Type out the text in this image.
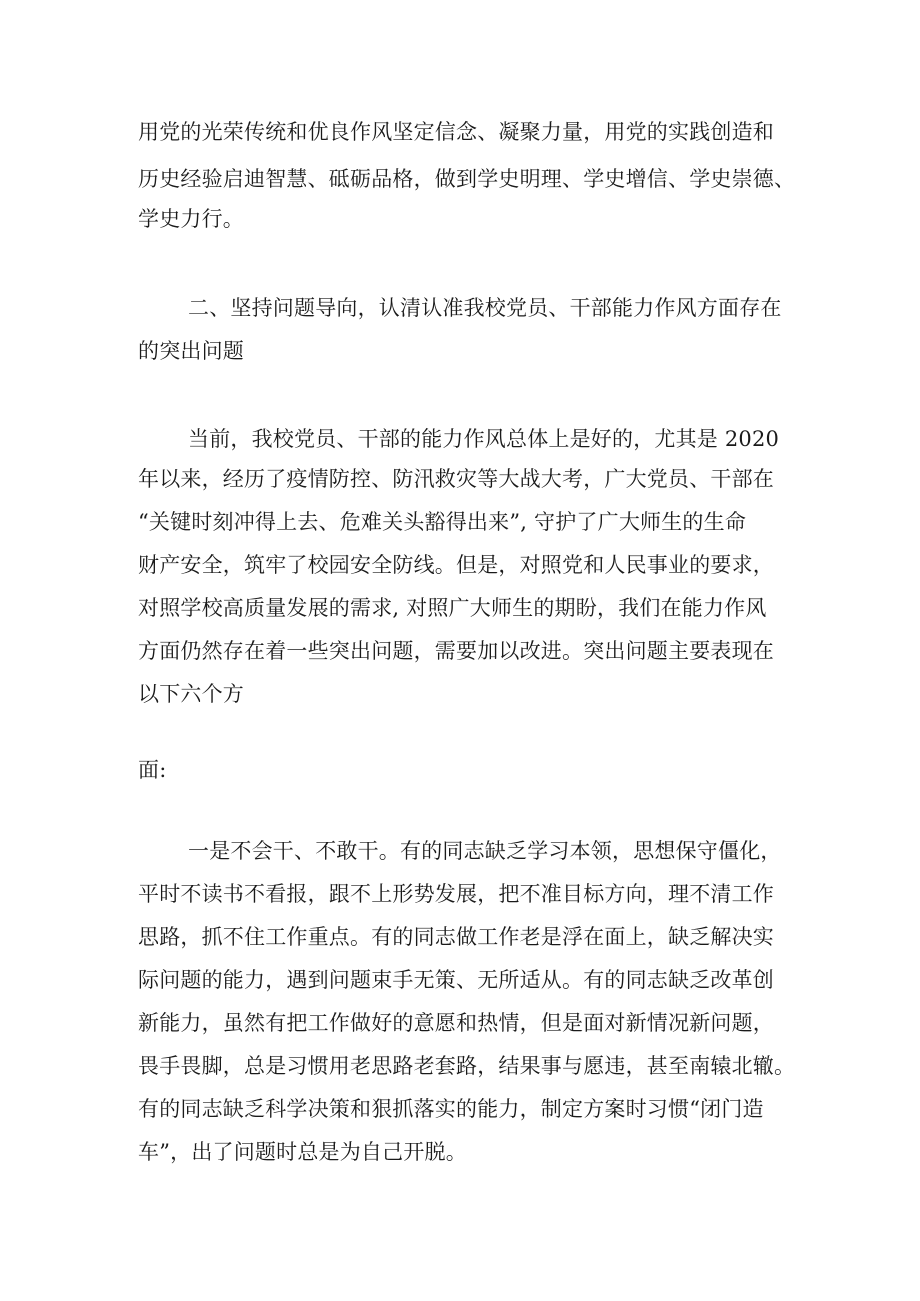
用党的光荣传统和优良作风坚定信念、凝聚力量，用党的实践创造和

历史经验启迪智慧、砥砺品格，做到学史明理、学史增信、学史崇德、

学史力行。

二、坚持问题导向，认清认准我校党员、干部能力作风方面存在

的突出问题

当前，我校党员、干部的能力作风总体上是好的，尤其是 2020

年以来，经历了疫情防控、防汛救灾等大战大考，广大党员、干部在

“关键时刻冲得上去、危难关头豁得出来”, 守护了广大师生的生命

财产安全，筑牢了校园安全防线。但是，对照党和人民事业的要求，

对照学校高质量发展的需求, 对照广大师生的期盼，我们在能力作风

方面仍然存在着一些突出问题，需要加以改进。突出问题主要表现在

以下六个方

面:

一是不会干、不敢干。有的同志缺乏学习本领，思想保守僵化，

平时不读书不看报，跟不上形势发展，把不准目标方向，理不清工作

思路，抓不住工作重点。有的同志做工作老是浮在面上，缺乏解决实

际问题的能力，遇到问题束手无策、无所适从。有的同志缺乏改革创

新能力，虽然有把工作做好的意愿和热情，但是面对新情况新问题，

畏手畏脚，总是习惯用老思路老套路，结果事与愿违，甚至南辕北辙。

有的同志缺乏科学决策和狠抓落实的能力，制定方案时习惯“闭门造

车”，出了问题时总是为自己开脱。
